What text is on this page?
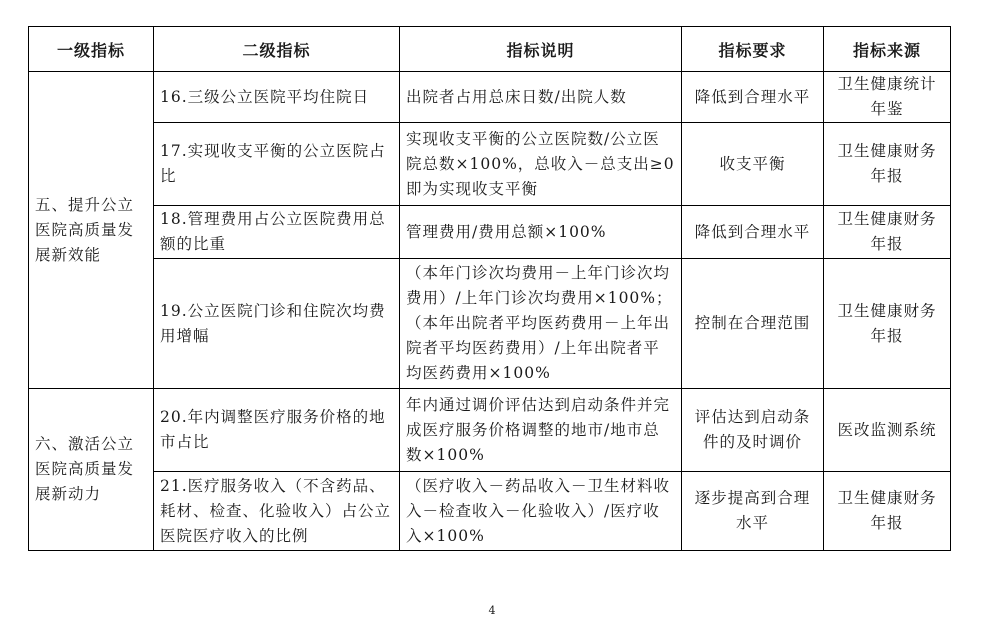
一级指标	二级指标	指标说明	指标要求	指标来源
五、提升公立医院高质量发展新效能	16.三级公立医院平均住院日	出院者占用总床日数/出院人数	降低到合理水平	卫生健康统计年鉴
	17.实现收支平衡的公立医院占比	实现收支平衡的公立医院数/公立医院总数×100%，总收入－总支出≥0即为实现收支平衡	收支平衡	卫生健康财务年报
	18.管理费用占公立医院费用总额的比重	管理费用/费用总额×100%	降低到合理水平	卫生健康财务年报
	19.公立医院门诊和住院次均费用增幅	（本年门诊次均费用－上年门诊次均费用）/上年门诊次均费用×100%；（本年出院者平均医药费用－上年出院者平均医药费用）/上年出院者平均医药费用×100%	控制在合理范围	卫生健康财务年报
六、激活公立医院高质量发展新动力	20.年内调整医疗服务价格的地市占比	年内通过调价评估达到启动条件并完成医疗服务价格调整的地市/地市总数×100%	评估达到启动条件的及时调价	医改监测系统
	21.医疗服务收入（不含药品、耗材、检查、化验收入）占公立医院医疗收入的比例	（医疗收入－药品收入－卫生材料收入－检查收入－化验收入）/医疗收入×100%	逐步提高到合理水平	卫生健康财务年报
4
